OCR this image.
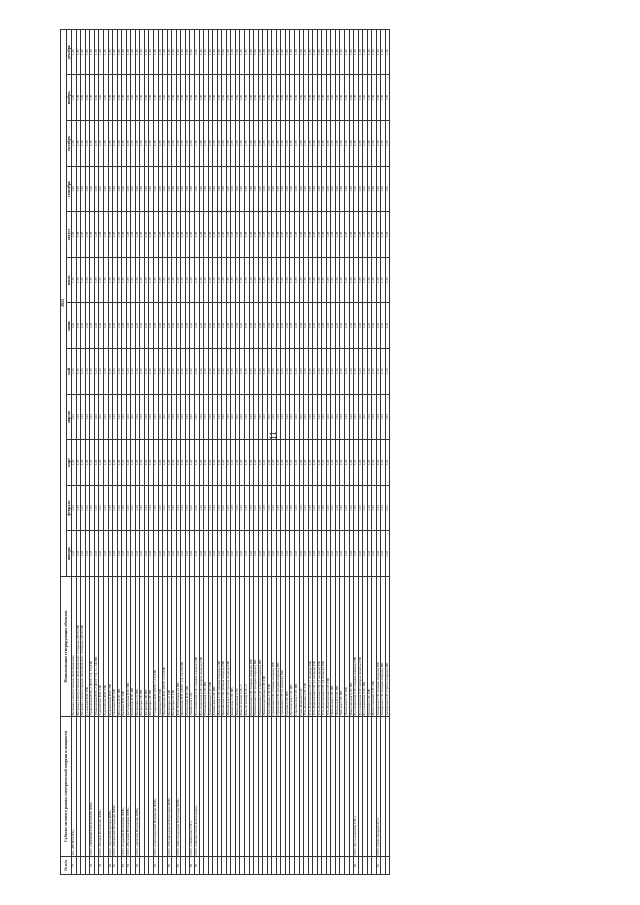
11
№ п/п	Субъект оптового рынка электрической энергии и мощности	Наименование генерирующих объектов	2022											
			январь	февраль	март	апрель	май	июнь	июль	август	сентябрь	октябрь	ноябрь	декабрь
77	АО «ВЕТРООГК»	Ветровая электростанция «Кочубеевская»	1,33	1,33	1,33	1,33	1,33	1,33	1,35	1,38	1,39	1,38	1,39	1,39
		Ветровая электростанция «Кочубеевская» 2 очередь (2019) НВ	1,33	1,33	1,33	1,33	1,33	1,33	1,35	1,38	1,39	1,38	1,39	1,39
		Ветровая электростанция «Кочубеевская» 3 очередь (2019) НВ	1,33	1,33	1,33	1,33	1,33	1,33	1,35	1,38	1,39	1,38	1,39	1,39
		Сулинская ВЭС НВ	1,33	1,33	1,33	1,33	1,33	1,33	1,35	1,38	1,39	1,38	1,39	1,39
78	ООО «ПЕРВЫЙ ВЕТРОПАРК ФРВ»	Ульяновская ВЭС-2 (ВЭУ 1-6, 10) НВ	1,33	1,33	1,33	1,33	1,33	1,33	1,35	1,38	1,39	1,38	1,39	1,39
		Ульяновская ВЭС-2 (ВЭУ 7-9, 11-14) НВ	1,33	1,33	1,33	1,33	1,33	1,33	1,35	1,38	1,39	1,38	1,39	1,39
79	ООО «Второй Ветропарк ФРВ»	Адыгейская ВЭС НВ	1,33	1,33	1,33	1,33	1,33	1,33	1,35	1,38	1,39	1,38	1,39	1,39
		Адыгейская ВЭС НВ	1,33	1,33	1,33	1,33	1,33	1,33	1,35	1,38	1,39	1,38	1,39	1,39
80	ООО «Третий Ветропарк ФРВ»	Кузьминская ВЭС НВ	1,33	1,33	1,33	1,33	1,33	1,33	1,35	1,38	1,39	1,38	1,39	1,39
81	ООО «Четвертый Ветропарк ФРВ»	Сальская ВЭС НВ	1,33	1,33	1,33	1,33	1,33	1,33	1,35	1,38	1,39	1,38	1,39	1,39
		Излучная ВЭС НВ	1,33	1,33	1,33	1,33	1,33	1,33	1,35	1,38	1,39	1,38	1,39	1,39
82	ООО «Седьмой Ветропарк ФРВ»	Казачья ВЭС НВ	1,33	1,33	1,33	1,33	1,33	1,33	1,35	1,38	1,39	1,38	1,39	1,39
83	ООО «Восьмой Ветропарк ФРВ»	Кетченерская ВЭС НВ	1,33	1,33	1,33	1,33	1,33	1,33	1,35	1,38	1,39	1,38	1,39	1,39
		Котовская ВЭС НВ	1,33	1,33	1,33	1,33	1,33	1,33	1,35	1,38	1,39	1,38	1,39	1,39
84	ООО «Девятый Ветропарк ФРВ»	Ветропарк-1А НВ	1,33	1,33	1,33	1,33	1,33	1,33	1,35	1,38	1,39	1,38	1,39	1,39
		Ветропарк-2Б НВ	1,33	1,33	1,33	1,33	1,33	1,33	1,35	1,38	1,39	1,38	1,39	1,39
		Ветропарк-3В НВ	1,33	1,33	1,33	1,33	1,33	1,33	1,35	1,38	1,39	1,38	1,39	1,39
		Ветропарк-4Г НВ	1,33	1,33	1,33	1,33	1,33	1,33	1,35	1,38	1,39	1,38	1,39	1,39
85	ООО «Одиннадцатый Ветропарк ФРВ»	Старицкая ВЭС (ВЭУ 1-15) НВ	1,33	1,33	1,33	1,33	1,33	1,33	1,35	1,38	1,39	1,38	1,39	1,39
		Азовская ВЭС НВ	1,33	1,33	1,33	1,33	1,33	1,33	1,35	1,38	1,39	1,38	1,39	1,39
		Черноярская ВЭС (ВЭУ 1-10) НВ	1,33	1,33	1,33	1,33	1,33	1,33	1,35	1,38	1,39	1,38	1,39	1,39
86	ООО «Четырнадцатый Ветропарк ФРВ»	Ветропарк-21 НВ	1,33	1,33	1,33	1,33	1,33	1,33	1,35	1,38	1,39	1,38	1,39	1,39
		Ветропарк-22 НВ	1,33	1,33	1,33	1,33	1,33	1,33	1,35	1,38	1,39	1,38	1,39	1,39
87	ООО «Шестнадцатый Ветропарк ФРВ»	ВЭС Ветропарк-23 НВ	1,33	1,33	1,33	1,33	1,33	1,33	1,35	1,38	1,39	1,38	1,39	1,39
		Целинская ВЭС (ВЭУ 1-4, 14-23) НВ	1,33	1,33	1,33	1,33	1,33	1,33	1,35	1,38	1,39	1,38	1,39	1,39
		Манычская ВЭС НВ	1,33	1,33	1,33	1,33	1,33	1,33	1,35	1,38	1,39	1,38	1,39	1,39
88	ООО «Лиманская СЭС»	Лиманская СЭС	1,33	1,33	1,33	1,33	1,33	1,33	1,35	1,38	1,39	1,38	1,39	1,39
89	ООО «Авелар Солар Технолоджи»	Бугульчанская СЭС (первая очередь) НВ	1,33	1,33	1,33	1,33	1,33	1,33	1,35	1,38	1,39	1,38	1,39	1,39
		Бугульчанская СЭС (вторая очередь) НВ	1,33	1,33	1,33	1,33	1,33	1,33	1,35	1,38	1,39	1,38	1,39	1,39
		Григорьевская СЭС НВ	1,33	1,33	1,33	1,33	1,33	1,33	1,35	1,38	1,39	1,38	1,39	1,39
		Домбаровская СЭС НВ	1,33	1,33	1,33	1,33	1,33	1,33	1,35	1,38	1,39	1,38	1,39	1,39
		Елшанская СЭС НВ	1,33	1,33	1,33	1,33	1,33	1,33	1,35	1,38	1,39	1,38	1,39	1,39
		Ивановская СЭС (первая очередь) НВ	1,33	1,33	1,33	1,33	1,33	1,33	1,35	1,38	1,39	1,38	1,39	1,39
		Ивановская СЭС (вторая очередь) НВ	1,33	1,33	1,33	1,33	1,33	1,33	1,35	1,38	1,39	1,38	1,39	1,39
		Ивановская СЭС (третья очередь) НВ	1,33	1,33	1,33	1,33	1,33	1,33	1,35	1,38	1,39	1,38	1,39	1,39
		Каневская СЭС НВ	1,33	1,33	1,33	1,33	1,33	1,33	1,35	1,38	1,39	1,38	1,39	1,39
		Новоузенская СЭС	1,33	1,33	1,33	1,33	1,33	1,33	1,35	1,38	1,39	1,38	1,39	1,39
		Кош-Агачская СЭС-2	1,33	1,33	1,33	1,33	1,33	1,33	1,35	1,38	1,39	1,38	1,39	1,39
		Кош-Агачская СЭС-2	1,33	1,33	1,33	1,33	1,33	1,33	1,35	1,38	1,39	1,38	1,39	1,39
		Майминская СЭС (первая очередь) НВ	1,33	1,33	1,33	1,33	1,33	1,33	1,35	1,38	1,39	1,38	1,39	1,39
		Майминская СЭС (вторая очередь) НВ	1,33	1,33	1,33	1,33	1,33	1,33	1,35	1,38	1,39	1,38	1,39	1,39
		Майминская СЭС (третья очередь) НВ	1,33	1,33	1,33	1,33	1,33	1,33	1,35	1,38	1,39	1,38	1,39	1,39
		Нижнеадыгейская СЭС НВ	1,33	1,33	1,33	1,33	1,33	1,33	1,35	1,38	1,39	1,38	1,39	1,39
		Онгудайская СЭС НВ	1,33	1,33	1,33	1,33	1,33	1,33	1,35	1,38	1,39	1,38	1,39	1,39
		Орловская СЭС (первая очередь) НВ	1,33	1,33	1,33	1,33	1,33	1,33	1,35	1,38	1,39	1,38	1,39	1,39
		Орловская СЭС (вторая очередь) НВ	1,33	1,33	1,33	1,33	1,33	1,33	1,35	1,38	1,39	1,38	1,39	1,39
		Орловская СЭС (3 очередь) НВ	1,33	1,33	1,33	1,33	1,33	1,33	1,35	1,38	1,39	1,38	1,39	1,39
		Орский СЭС НВ	1,33	1,33	1,33	1,33	1,33	1,33	1,35	1,38	1,39	1,38	1,39	1,39
		Пугачевская СЭС НВ	1,33	1,33	1,33	1,33	1,33	1,33	1,35	1,38	1,39	1,38	1,39	1,39
		Сорочинская СЭС НВ	1,33	1,33	1,33	1,33	1,33	1,33	1,35	1,38	1,39	1,38	1,39	1,39
		Соль-Илецкая СЭС	1,33	1,33	1,33	1,33	1,33	1,33	1,35	1,38	1,39	1,38	1,39	1,39
		Усть-Канская СЭС НВ	1,33	1,33	1,33	1,33	1,33	1,33	1,35	1,38	1,39	1,38	1,39	1,39
		Усть-Коксинская СЭС (1 очередь) НВ	1,33	1,33	1,33	1,33	1,33	1,33	1,35	1,38	1,39	1,38	1,39	1,39
		Усть-Коксинская СЭС (2 очередь) НВ	1,33	1,33	1,33	1,33	1,33	1,33	1,35	1,38	1,39	1,38	1,39	1,39
		Усть-Коксинская СЭС (3 очередь) НВ	1,33	1,33	1,33	1,33	1,33	1,33	1,35	1,38	1,39	1,38	1,39	1,39
		Усть-Коксинская СЭС (4 очередь) НВ	1,33	1,33	1,33	1,33	1,33	1,33	1,35	1,38	1,39	1,38	1,39	1,39
		Усть-Коксинская СЭС НВ	1,33	1,33	1,33	1,33	1,33	1,33	1,35	1,38	1,39	1,38	1,39	1,39
		Чемальская СЭС НВ	1,33	1,33	1,33	1,33	1,33	1,33	1,35	1,38	1,39	1,38	1,39	1,39
		Чемальская СЭС НВ	1,33	1,33	1,33	1,33	1,33	1,33	1,35	1,38	1,39	1,38	1,39	1,39
		Чуйская СЭС НВ	1,33	1,33	1,33	1,33	1,33	1,33	1,35	1,38	1,39	1,38	1,39	1,39
		Ясненская СЭС НВ	1,33	1,33	1,33	1,33	1,33	1,33	1,35	1,38	1,39	1,38	1,39	1,39
		Новоузенская СЭС НВ	1,33	1,33	1,33	1,33	1,33	1,33	1,35	1,38	1,39	1,38	1,39	1,39
90	ООО «Бугульчанская СЭС»	Бугульчанская СЭС (первая очередь) НВ	1,33	1,33	1,33	1,33	1,33	1,33	1,35	1,38	1,39	1,38	1,39	1,39
		Бугульчанская СЭС (вторая очередь) НВ	1,33	1,33	1,33	1,33	1,33	1,33	1,35	1,38	1,39	1,38	1,39	1,39
		Бугульчанская СЭС НВ	1,33	1,33	1,33	1,33	1,33	1,33	1,35	1,38	1,39	1,38	1,39	1,39
		Гринская СЭС НВ	1,33	1,33	1,33	1,33	1,33	1,33	1,35	1,38	1,39	1,38	1,39	1,39
		Исянгуловская СЭС НВ	1,33	1,33	1,33	1,33	1,33	1,33	1,35	1,38	1,39	1,38	1,39	1,39
91	ООО «Грин Энерджи Рус»	Акъярская СЭС (первая очередь) НВ	1,33	1,33	1,33	1,33	1,33	1,33	1,35	1,38	1,39	1,38	1,39	1,39
		Акъярская СЭС (вторая очередь) НВ	1,33	1,33	1,33	1,33	1,33	1,33	1,35	1,38	1,39	1,38	1,39	1,39
		Акъярская СЭС (третья очередь) НВ	1,33	1,33	1,33	1,33	1,33	1,33	1,35	1,38	1,39	1,38	1,39	1,39
